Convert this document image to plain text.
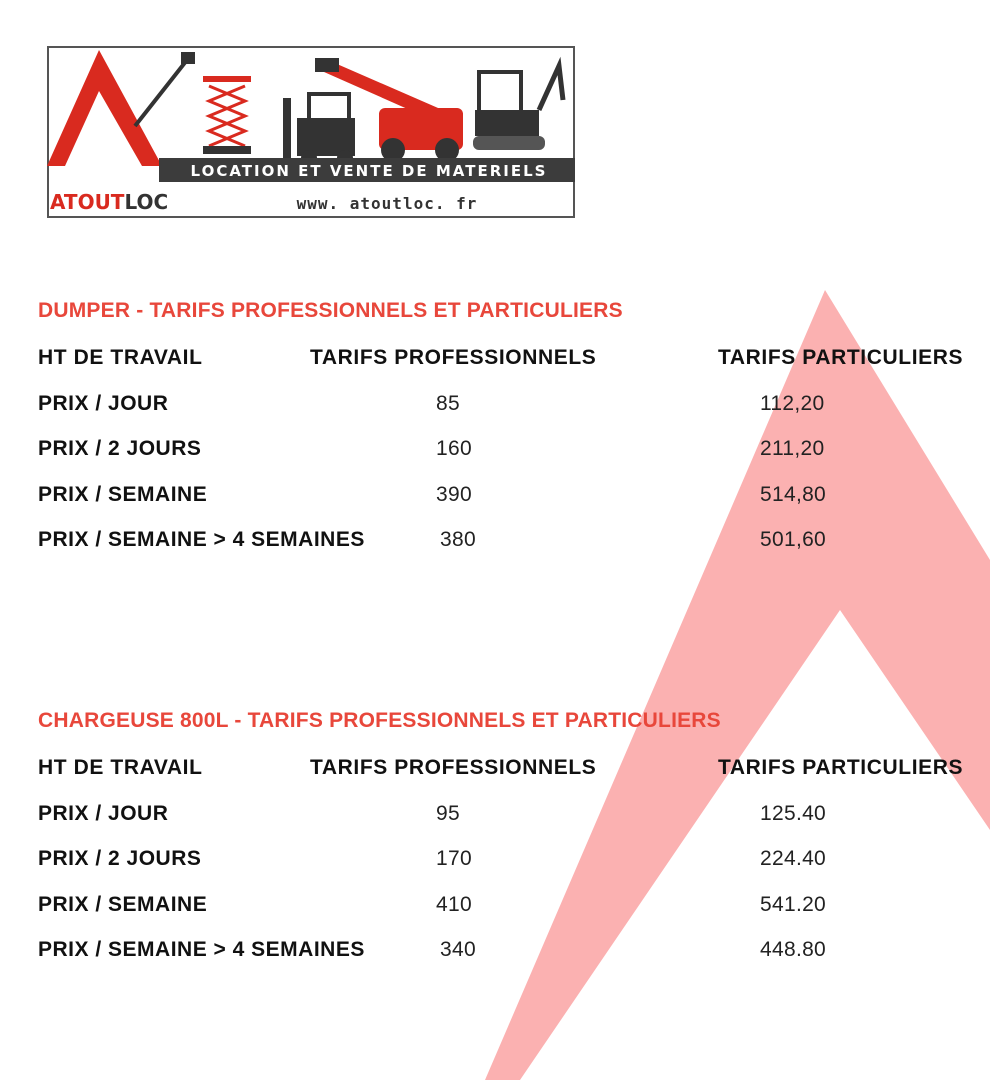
LOCATION ET VENTE DE MATERIELS
ATOUTLOC	www. atoutloc. fr
DUMPER - TARIFS PROFESSIONNELS ET PARTICULIERS
HT DE TRAVAIL	TARIFS PROFESSIONNELS	TARIFS PARTICULIERS
PRIX / JOUR	85	112,20
PRIX / 2 JOURS	160	211,20
PRIX / SEMAINE	390	514,80
PRIX / SEMAINE > 4 SEMAINES	380	501,60
CHARGEUSE 800L - TARIFS PROFESSIONNELS ET PARTICULIERS
HT DE TRAVAIL	TARIFS PROFESSIONNELS	TARIFS PARTICULIERS
PRIX / JOUR	95	125.40
PRIX / 2 JOURS	170	224.40
PRIX / SEMAINE	410	541.20
PRIX / SEMAINE > 4 SEMAINES	340	448.80
